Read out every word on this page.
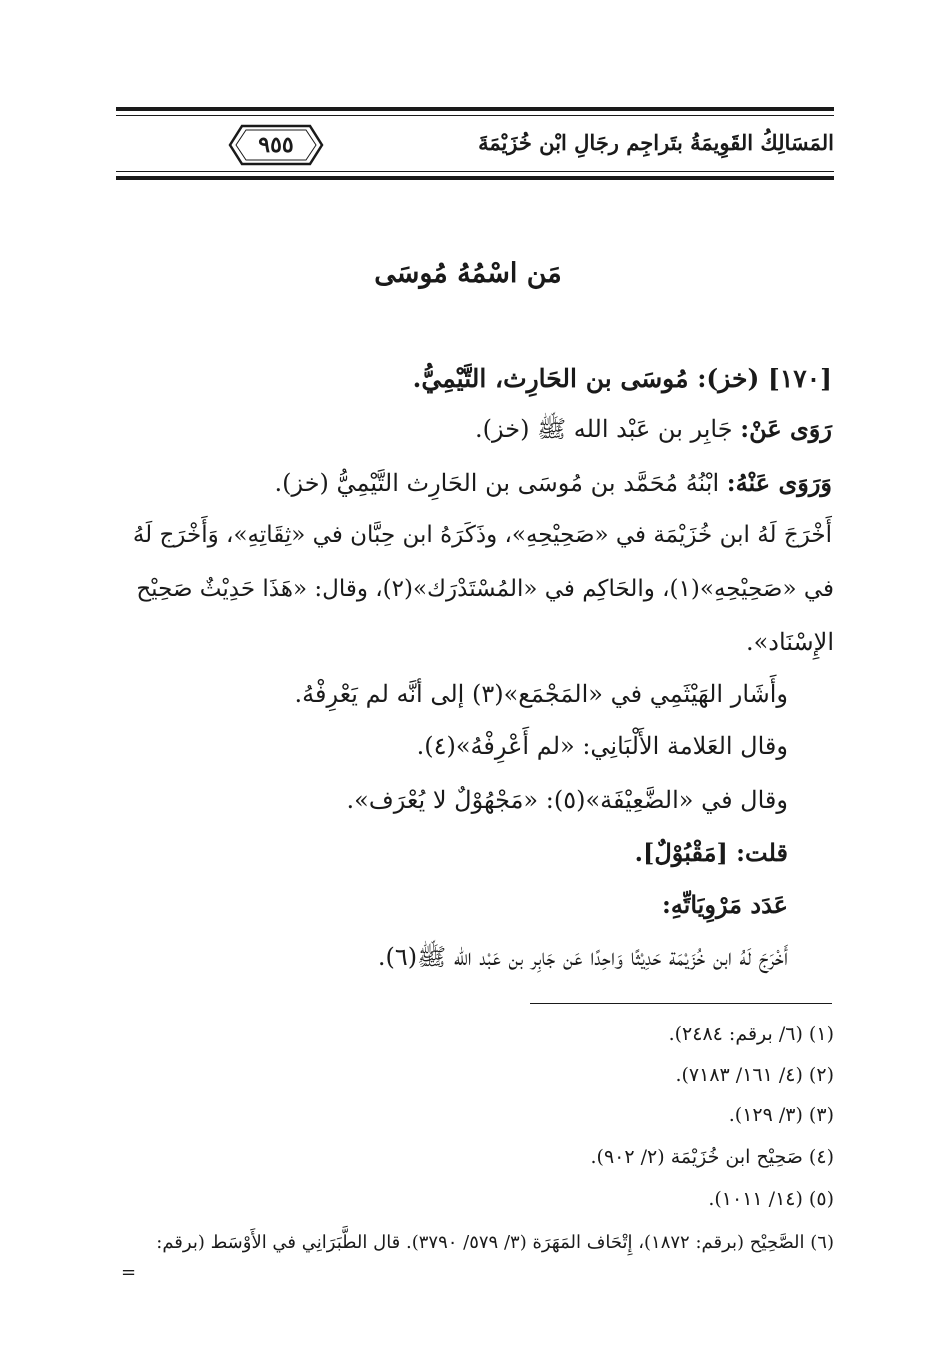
المَسَالِكُ القَوِيمَةُ بتَراجِم رجَالِ ابْن خُزَيْمَةَ
٩٥٥
مَن اسْمُهُ مُوسَى
[١٧٠] (خز): مُوسَى بن الحَارِث، التَّيْمِيُّ.
رَوَى عَنْ: جَابِر بن عَبْد الله ﷺ (خز).
وَرَوَى عَنْهُ: ابْنُهُ مُحَمَّد بن مُوسَى بن الحَارِث التَّيْمِيُّ (خز).
أَخْرَجَ لَهُ ابن خُزَيْمَة في «صَحِيْحِهِ»، وذَكَرَهُ ابن حِبَّان في «ثِقَاتِهِ»، وَأَخْرَج لَهُ
في «صَحِيْحِهِ»(١)، والحَاكِم في «المُسْتَدْرَك»(٢)، وقال: «هَذَا حَدِيْثٌ صَحِيْح
الإِسْنَاد».
وأَشَار الهَيْثَمِي في «المَجْمَع»(٣) إلى أنَّه لم يَعْرِفْهُ.
وقال العَلامة الأَلْبَانِي: «لم أَعْرِفْهُ»(٤).
وقال في «الضَّعِيْفَة»(٥): «مَجْهُوْلٌ لا يُعْرَف».
قلت: [مَقْبُوْلٌ].
عَدَد مَرْوِيَاتِّهِ:
أَخْرَجَ لَهُ ابن خُزَيْمَة حَدِيْثًا وَاحِدًا عَن جَابِر بن عَبْد الله ﷺ(٦).
(١) (٦/ برقم: ٢٤٨٤).
(٢) (٤/ ١٦١/ ٧١٨٣).
(٣) (٣/ ١٢٩).
(٤) صَحِيْح ابن خُزَيْمَة (٢/ ٩٠٢).
(٥) (١٤/ ١٠١١).
(٦) الصَّحِيْح (برقم: ١٨٧٢)، إِتْحَاف المَهَرَة (٣/ ٥٧٩/ ٣٧٩٠). قال الطَّبَرَانِي في الأَوْسَط (برقم:
=
